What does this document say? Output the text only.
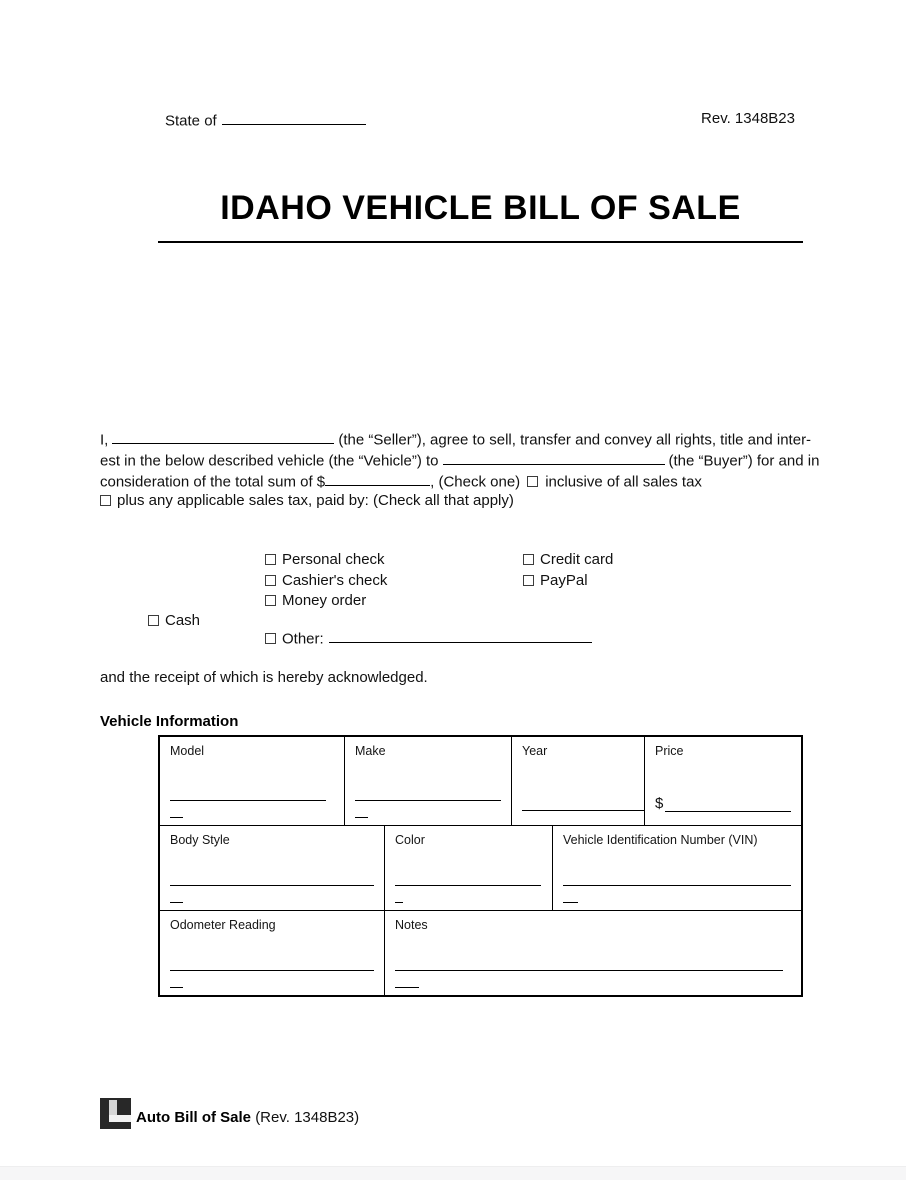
State of	Rev. 1348B23
IDAHO VEHICLE BILL OF SALE
I,	(the “Seller”), agree to sell, transfer and convey all rights, title and inter-
est in the below described vehicle (the “Vehicle”) to	(the “Buyer”) for and in
consideration of the total sum of $	, (Check one) inclusive of all sales tax
plus any applicable sales tax, paid by: (Check all that apply)
Cash
Personal check
Cashier's check
Money order
Credit card
PayPal
Other:
and the receipt of which is hereby acknowledged.
Vehicle Information
Model	Make	Year	Price
$
Body Style	Color	Vehicle Identification Number (VIN)
Odometer Reading	Notes
Auto Bill of Sale (Rev. 1348B23)
